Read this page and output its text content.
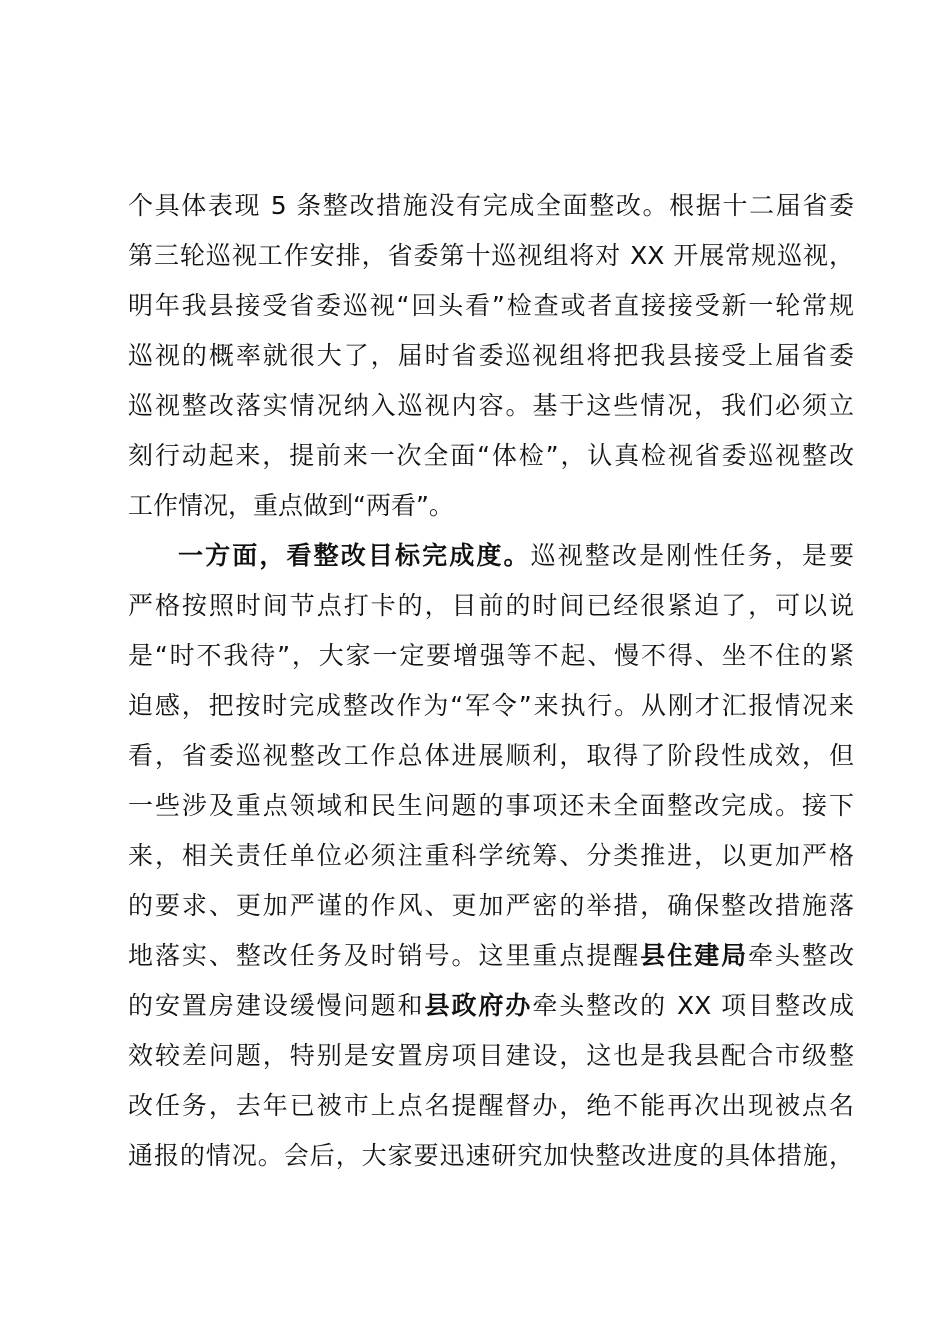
个具体表现 5 条整改措施没有完成全面整改。根据十二届省委
第三轮巡视工作安排，省委第十巡视组将对 XX 开展常规巡视，
明年我县接受省委巡视“回头看”检查或者直接接受新一轮常规
巡视的概率就很大了，届时省委巡视组将把我县接受上届省委
巡视整改落实情况纳入巡视内容。基于这些情况，我们必须立
刻行动起来，提前来一次全面“体检”，认真检视省委巡视整改
工作情况，重点做到“两看”。
一方面，看整改目标完成度。巡视整改是刚性任务，是要
严格按照时间节点打卡的，目前的时间已经很紧迫了，可以说
是“时不我待”，大家一定要增强等不起、慢不得、坐不住的紧
迫感，把按时完成整改作为“军令”来执行。从刚才汇报情况来
看，省委巡视整改工作总体进展顺利，取得了阶段性成效，但
一些涉及重点领域和民生问题的事项还未全面整改完成。接下
来，相关责任单位必须注重科学统筹、分类推进，以更加严格
的要求、更加严谨的作风、更加严密的举措，确保整改措施落
地落实、整改任务及时销号。这里重点提醒县住建局牵头整改
的安置房建设缓慢问题和县政府办牵头整改的 XX 项目整改成
效较差问题，特别是安置房项目建设，这也是我县配合市级整
改任务，去年已被市上点名提醒督办，绝不能再次出现被点名
通报的情况。会后，大家要迅速研究加快整改进度的具体措施，
